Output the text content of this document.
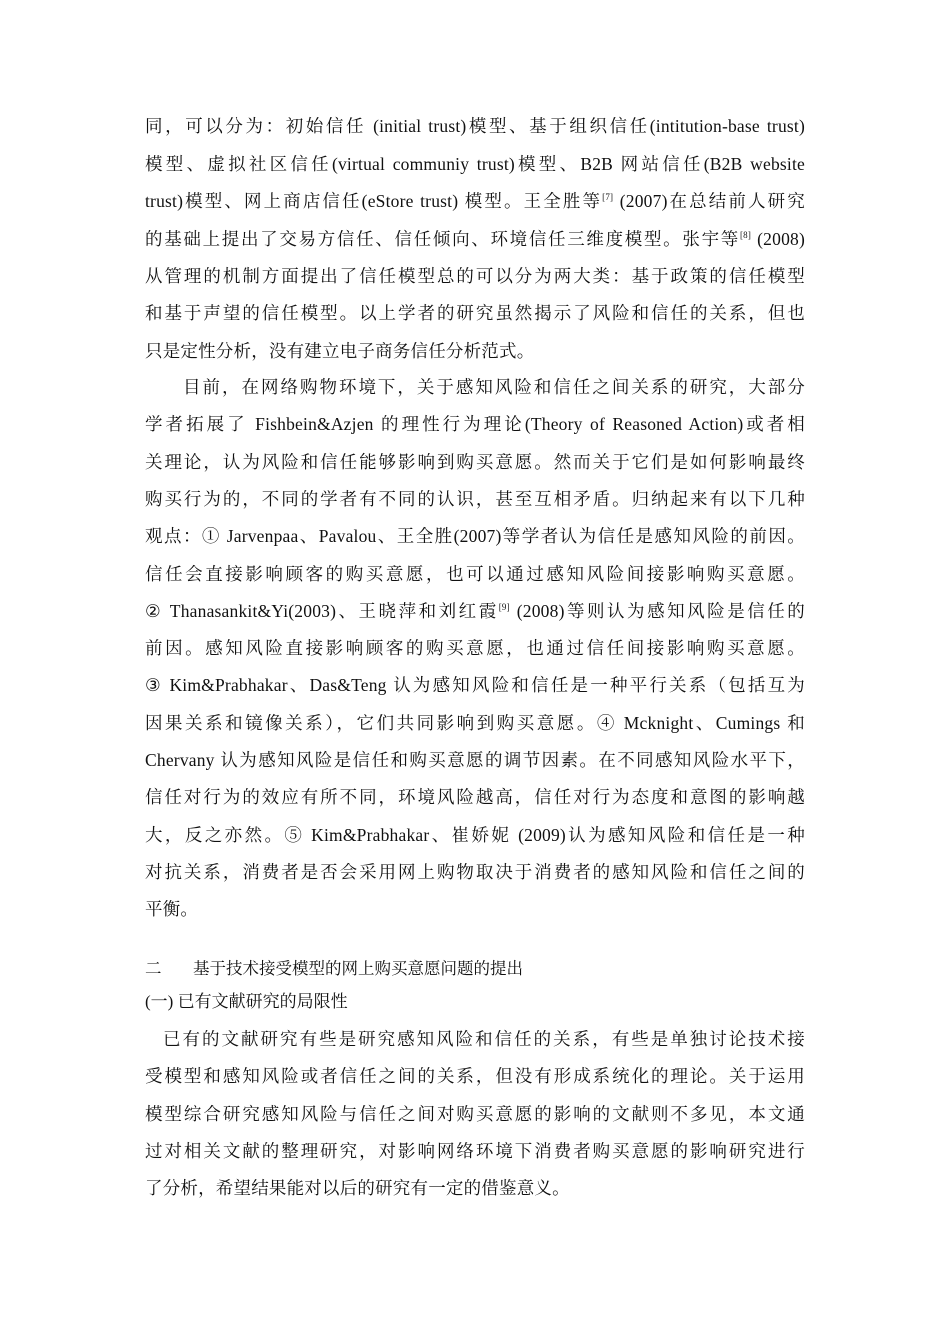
同，可以分为：初始信任 (initial trust)模型、基于组织信任(intitution-base trust)
模型、虚拟社区信任(virtual communiy trust)模型、B2B 网站信任(B2B website
trust)模型、网上商店信任(eStore trust) 模型。王全胜等[7] (2007)在总结前人研究
的基础上提出了交易方信任、信任倾向、环境信任三维度模型。张宇等[8] (2008)
从管理的机制方面提出了信任模型总的可以分为两大类：基于政策的信任模型
和基于声望的信任模型。以上学者的研究虽然揭示了风险和信任的关系，但也
只是定性分析，没有建立电子商务信任分析范式。
目前，在网络购物环境下，关于感知风险和信任之间关系的研究，大部分
学者拓展了 Fishbein&Azjen 的理性行为理论(Theory of Reasoned Action)或者相
关理论，认为风险和信任能够影响到购买意愿。然而关于它们是如何影响最终
购买行为的，不同的学者有不同的认识，甚至互相矛盾。归纳起来有以下几种
观点：① Jarvenpaa、Pavalou、王全胜(2007)等学者认为信任是感知风险的前因。
信任会直接影响顾客的购买意愿，也可以通过感知风险间接影响购买意愿。
② Thanasankit&Yi(2003)、王晓萍和刘红霞[9] (2008)等则认为感知风险是信任的
前因。感知风险直接影响顾客的购买意愿，也通过信任间接影响购买意愿。
③ Kim&Prabhakar、Das&Teng 认为感知风险和信任是一种平行关系（包括互为
因果关系和镜像关系），它们共同影响到购买意愿。④ Mcknight、Cumings 和
Chervany 认为感知风险是信任和购买意愿的调节因素。在不同感知风险水平下，
信任对行为的效应有所不同，环境风险越高，信任对行为态度和意图的影响越
大，反之亦然。⑤ Kim&Prabhakar、崔娇妮 (2009)认为感知风险和信任是一种
对抗关系，消费者是否会采用网上购物取决于消费者的感知风险和信任之间的
平衡。
二 基于技术接受模型的网上购买意愿问题的提出
(一) 已有文献研究的局限性
已有的文献研究有些是研究感知风险和信任的关系，有些是单独讨论技术接
受模型和感知风险或者信任之间的关系，但没有形成系统化的理论。关于运用
模型综合研究感知风险与信任之间对购买意愿的影响的文献则不多见，本文通
过对相关文献的整理研究，对影响网络环境下消费者购买意愿的影响研究进行
了分析，希望结果能对以后的研究有一定的借鉴意义。
